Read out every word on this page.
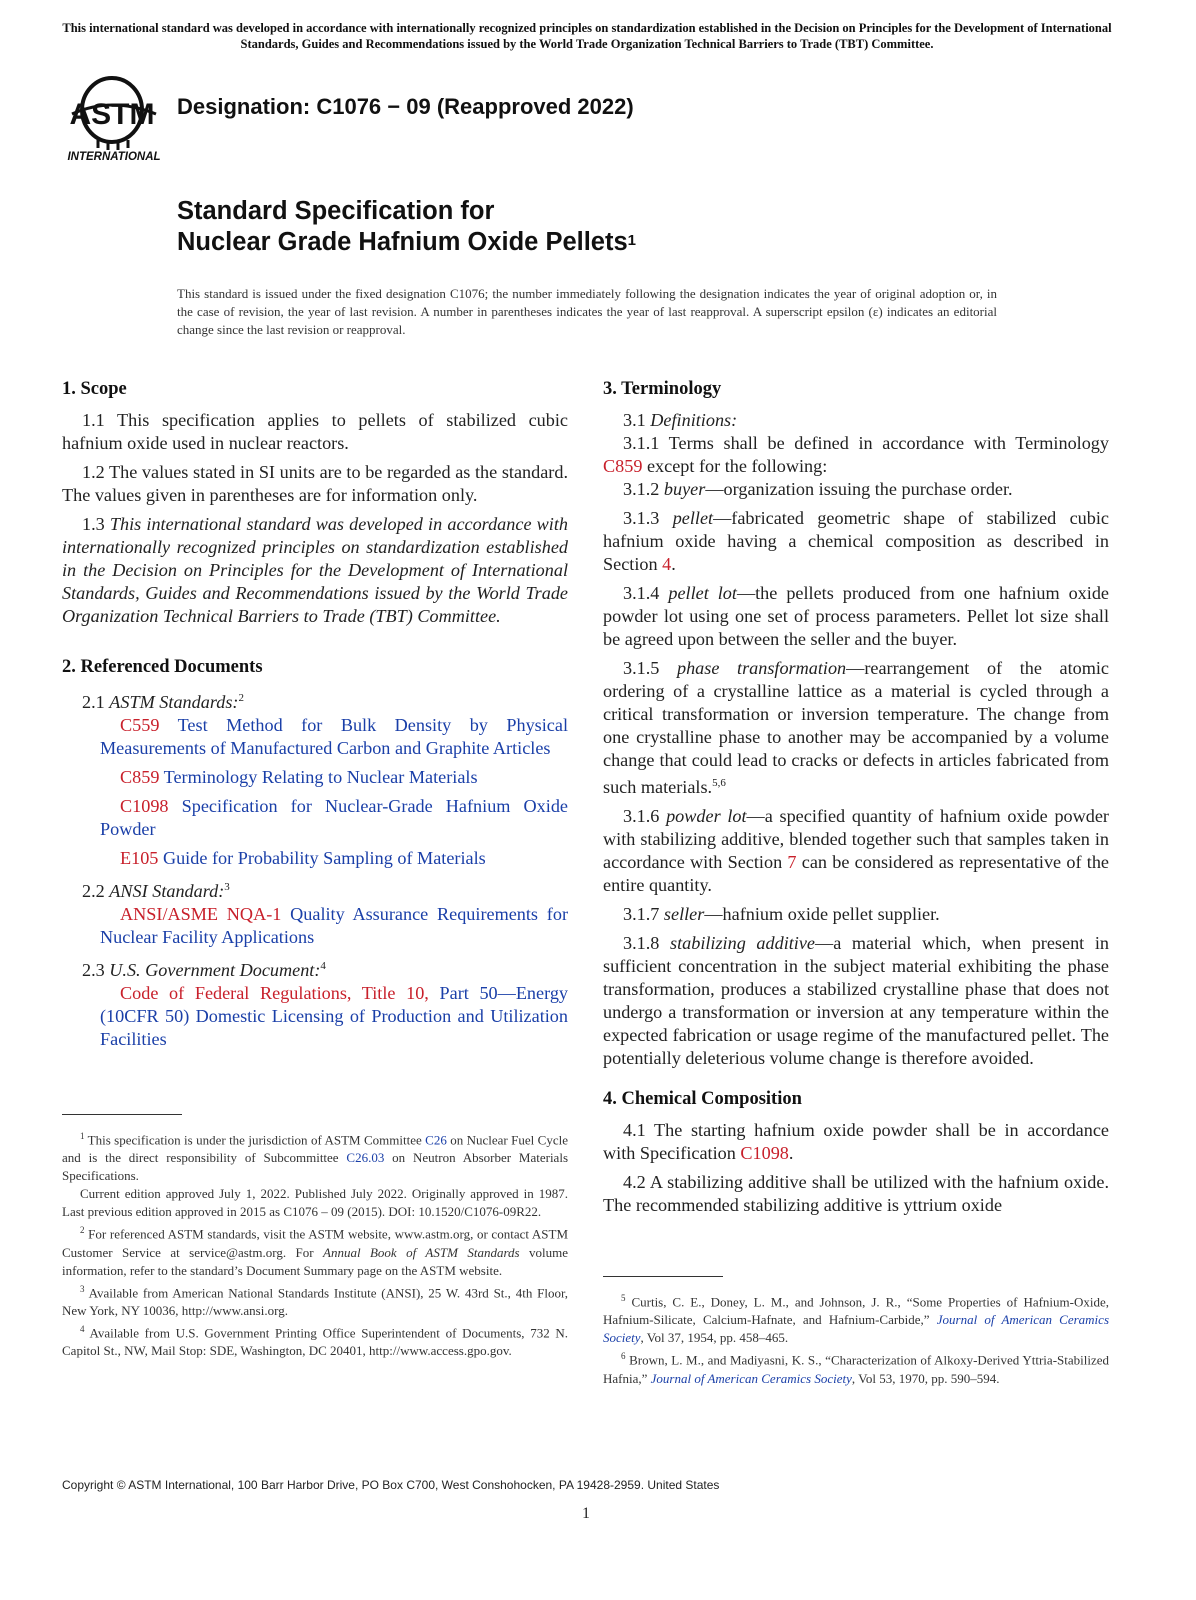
This international standard was developed in accordance with internationally recognized principles on standardization established in the Decision on Principles for the Development of International Standards, Guides and Recommendations issued by the World Trade Organization Technical Barriers to Trade (TBT) Committee.
ASTM
INTERNATIONAL
Designation: C1076 − 09 (Reapproved 2022)
Standard Specification for
Nuclear Grade Hafnium Oxide Pellets$^1$
This standard is issued under the fixed designation C1076; the number immediately following the designation indicates the year of original adoption or, in the case of revision, the year of last revision. A number in parentheses indicates the year of last reapproval. A superscript epsilon (ε) indicates an editorial change since the last revision or reapproval.
1. Scope

1.1 This specification applies to pellets of stabilized cubic hafnium oxide used in nuclear reactors.

1.2 The values stated in SI units are to be regarded as the standard. The values given in parentheses are for information only.

1.3 This international standard was developed in accordance with internationally recognized principles on standardization established in the Decision on Principles for the Development of International Standards, Guides and Recommendations issued by the World Trade Organization Technical Barriers to Trade (TBT) Committee.

2. Referenced Documents
2.1 ASTM Standards:$^2$

C559 Test Method for Bulk Density by Physical Measurements of Manufactured Carbon and Graphite Articles

C859 Terminology Relating to Nuclear Materials

C1098 Specification for Nuclear-Grade Hafnium Oxide Powder

E105 Guide for Probability Sampling of Materials

2.2 ANSI Standard:$^3$

ANSI/ASME NQA-1 Quality Assurance Requirements for Nuclear Facility Applications

2.3 U.S. Government Document:$^4$

Code of Federal Regulations, Title 10, Part 50—Energy (10CFR 50) Domestic Licensing of Production and Utilization Facilities

3. Terminology
3.1 Definitions:

3.1.1 Terms shall be defined in accordance with Terminology C859 except for the following:

3.1.2 buyer—organization issuing the purchase order.

3.1.3 pellet—fabricated geometric shape of stabilized cubic hafnium oxide having a chemical composition as described in Section 4.

3.1.4 pellet lot—the pellets produced from one hafnium oxide powder lot using one set of process parameters. Pellet lot size shall be agreed upon between the seller and the buyer.

3.1.5 phase transformation—rearrangement of the atomic ordering of a crystalline lattice as a material is cycled through a critical transformation or inversion temperature. The change from one crystalline phase to another may be accompanied by a volume change that could lead to cracks or defects in articles fabricated from such materials.$^{5,6}$

3.1.6 powder lot—a specified quantity of hafnium oxide powder with stabilizing additive, blended together such that samples taken in accordance with Section 7 can be considered as representative of the entire quantity.

3.1.7 seller—hafnium oxide pellet supplier.

3.1.8 stabilizing additive—a material which, when present in sufficient concentration in the subject material exhibiting the phase transformation, produces a stabilized crystalline phase that does not undergo a transformation or inversion at any temperature within the expected fabrication or usage regime of the manufactured pellet. The potentially deleterious volume change is therefore avoided.

4. Chemical Composition

4.1 The starting hafnium oxide powder shall be in accordance with Specification C1098.

4.2 A stabilizing additive shall be utilized with the hafnium oxide. The recommended stabilizing additive is yttrium oxide

$^1$ This specification is under the jurisdiction of ASTM Committee C26 on Nuclear Fuel Cycle and is the direct responsibility of Subcommittee C26.03 on Neutron Absorber Materials Specifications.

Current edition approved July 1, 2022. Published July 2022. Originally approved in 1987. Last previous edition approved in 2015 as C1076 – 09 (2015). DOI: 10.1520/C1076-09R22.

$^2$ For referenced ASTM standards, visit the ASTM website, www.astm.org, or contact ASTM Customer Service at service@astm.org. For Annual Book of ASTM Standards volume information, refer to the standard’s Document Summary page on the ASTM website.

$^3$ Available from American National Standards Institute (ANSI), 25 W. 43rd St., 4th Floor, New York, NY 10036, http://www.ansi.org.

$^4$ Available from U.S. Government Printing Office Superintendent of Documents, 732 N. Capitol St., NW, Mail Stop: SDE, Washington, DC 20401, http://www.access.gpo.gov.

$^5$ Curtis, C. E., Doney, L. M., and Johnson, J. R., “Some Properties of Hafnium-Oxide, Hafnium-Silicate, Calcium-Hafnate, and Hafnium-Carbide,” Journal of American Ceramics Society, Vol 37, 1954, pp. 458–465.

$^6$ Brown, L. M., and Madiyasni, K. S., “Characterization of Alkoxy-Derived Yttria-Stabilized Hafnia,” Journal of American Ceramics Society, Vol 53, 1970, pp. 590–594.

Copyright © ASTM International, 100 Barr Harbor Drive, PO Box C700, West Conshohocken, PA 19428-2959. United States
1
